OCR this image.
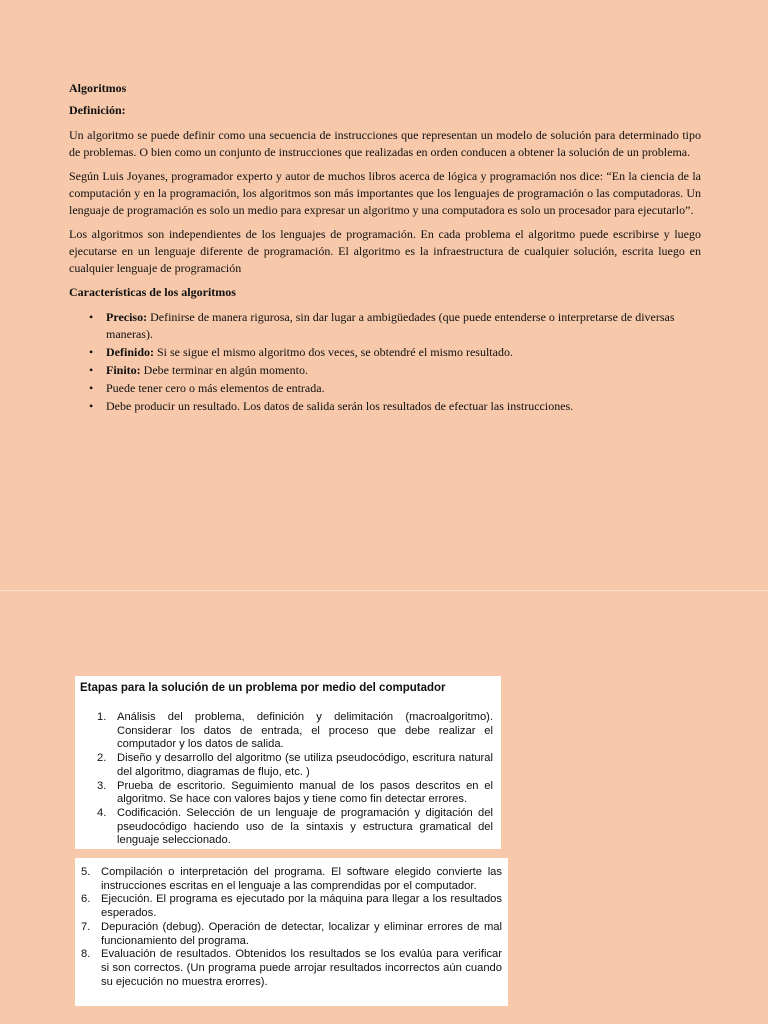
Algoritmos
Definición:

Un algoritmo se puede definir como una secuencia de instrucciones que representan un modelo de solución para determinado tipo de problemas. O bien como un conjunto de instrucciones que realizadas en orden conducen a obtener la solución de un problema.

Según Luis Joyanes, programador experto y autor de muchos libros acerca de lógica y programación nos dice: “En la ciencia de la computación y en la programación, los algoritmos son más importantes que los lenguajes de programación o las computadoras. Un lenguaje de programación es solo un medio para expresar un algoritmo y una computadora es solo un procesador para ejecutarlo”.

Los algoritmos son independientes de los lenguajes de programación. En cada problema el algoritmo puede escribirse y luego ejecutarse en un lenguaje diferente de programación. El algoritmo es la infraestructura de cualquier solución, escrita luego en cualquier lenguaje de programación

Características de los algoritmos
• Preciso: Definirse de manera rigurosa, sin dar lugar a ambigüedades (que puede entenderse o interpretarse de diversas maneras).
• Definido: Si se sigue el mismo algoritmo dos veces, se obtendré el mismo resultado.
• Finito: Debe terminar en algún momento.
• Puede tener cero o más elementos de entrada.
• Debe producir un resultado. Los datos de salida serán los resultados de efectuar las instrucciones.
Etapas para la solución de un problema por medio del computador
1. Análisis del problema, definición y delimitación (macroalgoritmo). Considerar los datos de entrada, el proceso que debe realizar el computador y los datos de salida.
2. Diseño y desarrollo del algoritmo (se utiliza pseudocódigo, escritura natural del algoritmo, diagramas de flujo, etc. )
3. Prueba de escritorio. Seguimiento manual de los pasos descritos en el algoritmo. Se hace con valores bajos y tiene como fin detectar errores.
4. Codificación. Selección de un lenguaje de programación y digitación del pseudocódigo haciendo uso de la sintaxis y estructura gramatical del lenguaje seleccionado.
5. Compilación o interpretación del programa. El software elegido convierte las instrucciones escritas en el lenguaje a las comprendidas por el computador.
6. Ejecución. El programa es ejecutado por la máquina para llegar a los resultados esperados.
7. Depuración (debug). Operación de detectar, localizar y eliminar errores de mal funcionamiento del programa.
8. Evaluación de resultados. Obtenidos los resultados se los evalúa para verificar si son correctos. (Un programa puede arrojar resultados incorrectos aún cuando su ejecución no muestra erorres).
